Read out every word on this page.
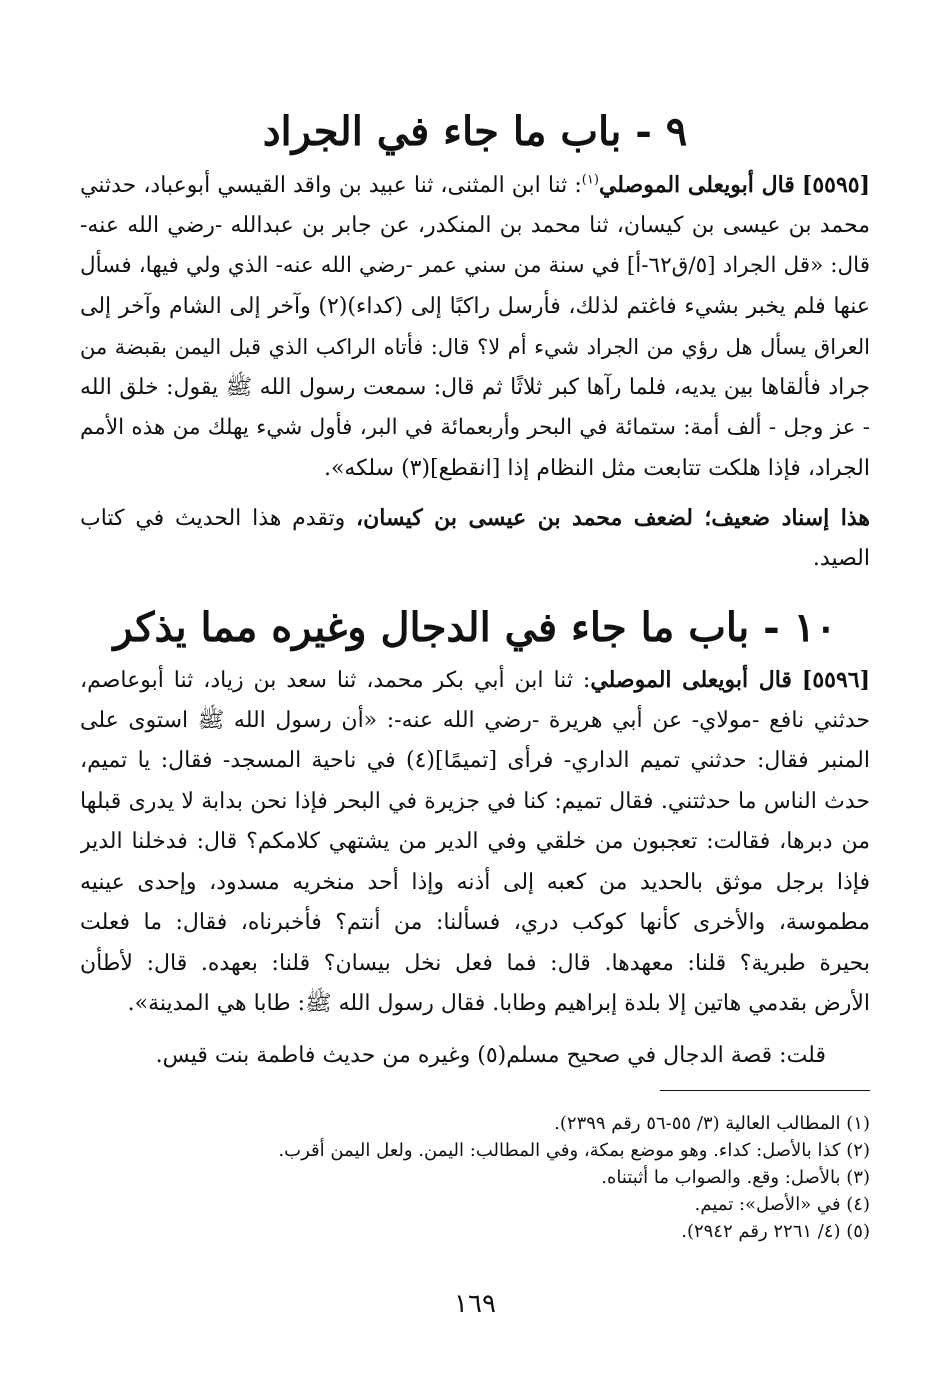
٩ - باب ما جاء في الجراد
[٥٥٩٥] قال أبويعلى الموصلي$^{(١)}$: ثنا ابن المثنى، ثنا عبيد بن واقد القيسي أبوعباد، حدثني
محمد بن عيسى بن كيسان، ثنا محمد بن المنكدر، عن جابر بن عبدالله -رضي الله عنه-
قال: «قل الجراد [٥/ق٦٢-أ] في سنة من سني عمر -رضي الله عنه- الذي ولي فيها، فسأل
عنها فلم يخبر بشيء فاغتم لذلك، فأرسل راكبًا إلى (كداء)(٢) وآخر إلى الشام وآخر إلى
العراق يسأل هل رؤي من الجراد شيء أم لا؟ قال: فأتاه الراكب الذي قبل اليمن بقبضة من
جراد فألقاها بين يديه، فلما رآها كبر ثلاثًا ثم قال: سمعت رسول الله ﷺ يقول: خلق الله
- عز وجل - ألف أمة: ستمائة في البحر وأربعمائة في البر، فأول شيء يهلك من هذه الأمم
الجراد، فإذا هلكت تتابعت مثل النظام إذا [انقطع](٣) سلكه».
هذا إسناد ضعيف؛ لضعف محمد بن عيسى بن كيسان، وتقدم هذا الحديث في كتاب
الصيد.
١٠ - باب ما جاء في الدجال وغيره مما يذكر
[٥٥٩٦] قال أبويعلى الموصلي: ثنا ابن أبي بكر محمد، ثنا سعد بن زياد، ثنا أبوعاصم،
حدثني نافع -مولاي- عن أبي هريرة -رضي الله عنه-: «أن رسول الله ﷺ استوى على
المنبر فقال: حدثني تميم الداري- فرأى [تميمًا](٤) في ناحية المسجد- فقال: يا تميم،
حدث الناس ما حدثتني. فقال تميم: كنا في جزيرة في البحر فإذا نحن بدابة لا يدرى قبلها
من دبرها، فقالت: تعجبون من خلقي وفي الدير من يشتهي كلامكم؟ قال: فدخلنا الدير
فإذا برجل موثق بالحديد من كعبه إلى أذنه وإذا أحد منخريه مسدود، وإحدى عينيه
مطموسة، والأخرى كأنها كوكب دري، فسألنا: من أنتم؟ فأخبرناه، فقال: ما فعلت
بحيرة طبرية؟ قلنا: معهدها. قال: فما فعل نخل بيسان؟ قلنا: بعهده. قال: لأطأن
الأرض بقدمي هاتين إلا بلدة إبراهيم وطابا. فقال رسول الله ﷺ: طابا هي المدينة».
قلت: قصة الدجال في صحيح مسلم(٥) وغيره من حديث فاطمة بنت قيس.
(١) المطالب العالية (٣/ ٥٥-٥٦ رقم ٢٣٩٩).
(٢) كذا بالأصل: كداء. وهو موضع بمكة، وفي المطالب: اليمن. ولعل اليمن أقرب.
(٣) بالأصل: وقع. والصواب ما أثبتناه.
(٤) في «الأصل»: تميم.
(٥) (٤/ ٢٢٦١ رقم ٢٩٤٢).
١٦٩
